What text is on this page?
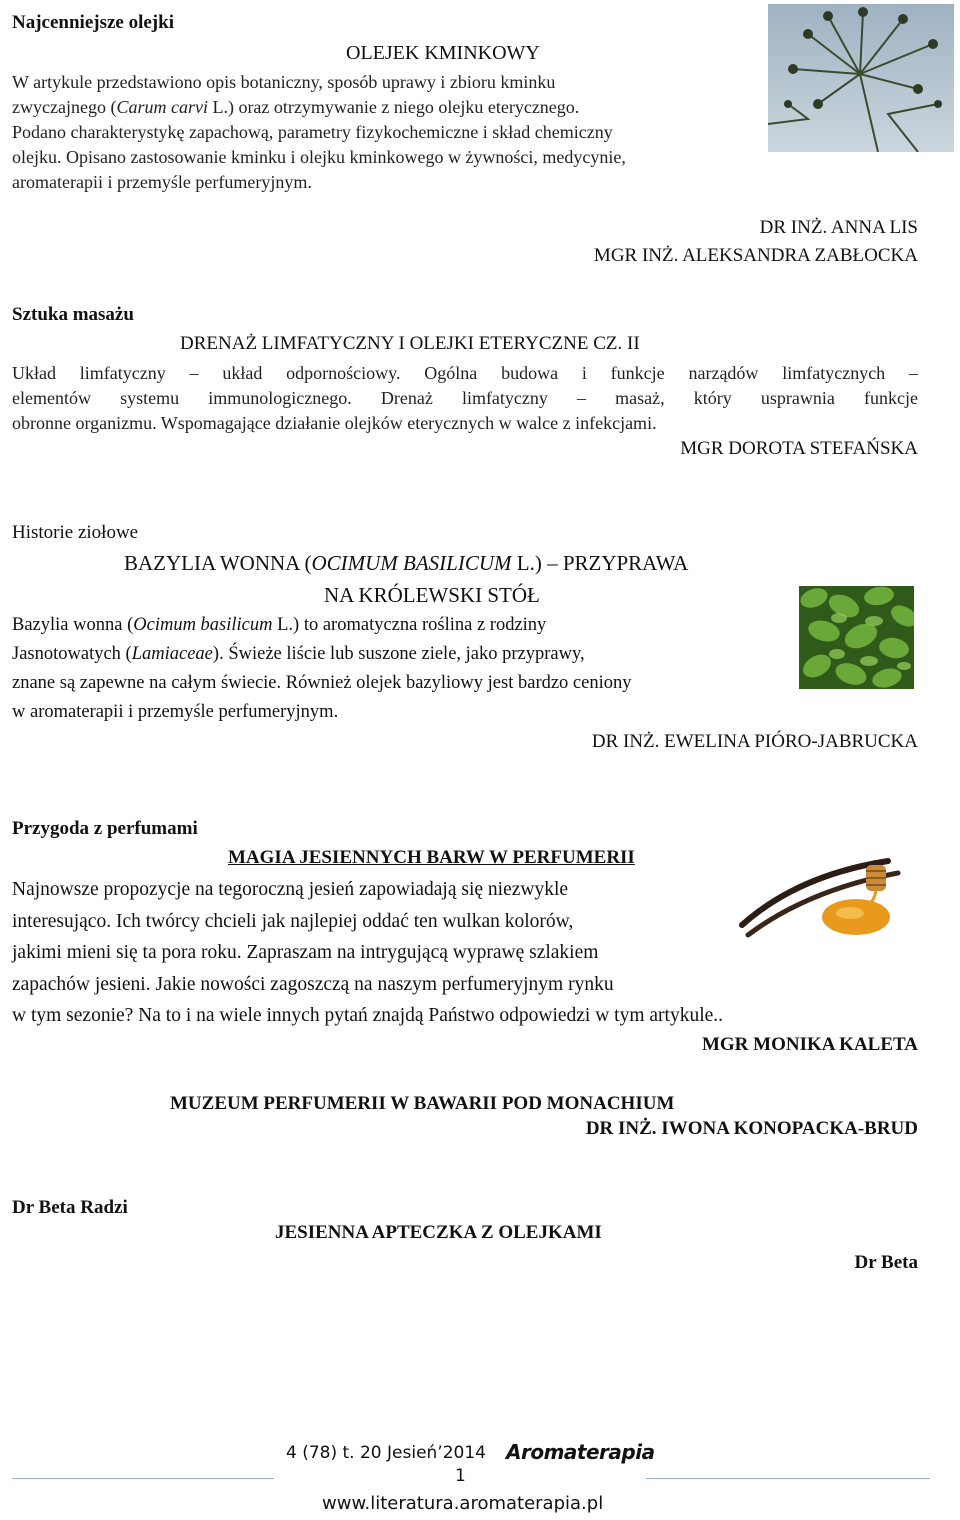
Najcenniejsze olejki
OLEJEK KMINKOWY
W artykule przedstawiono opis botaniczny, sposób uprawy i zbioru kminku
zwyczajnego (Carum carvi L.) oraz otrzymywanie z niego olejku eterycznego.
Podano charakterystykę zapachową, parametry fizykochemiczne i skład chemiczny
olejku. Opisano zastosowanie kminku i olejku kminkowego w żywności, medycynie,
aromaterapii i przemyśle perfumeryjnym.
DR INŻ. ANNA LIS
MGR INŻ. ALEKSANDRA ZABŁOCKA
Sztuka masażu
DRENAŻ LIMFATYCZNY I OLEJKI ETERYCZNE CZ. II
Układ limfatyczny – układ odpornościowy. Ogólna budowa i funkcje narządów limfatycznych –
elementów systemu immunologicznego. Drenaż limfatyczny – masaż, który usprawnia funkcje
obronne organizmu. Wspomagające działanie olejków eterycznych w walce z infekcjami.
MGR DOROTA STEFAŃSKA
Historie ziołowe
BAZYLIA WONNA (OCIMUM BASILICUM L.) – PRZYPRAWA
NA KRÓLEWSKI STÓŁ
Bazylia wonna (Ocimum basilicum L.) to aromatyczna roślina z rodziny
Jasnotowatych (Lamiaceae). Świeże liście lub suszone ziele, jako przyprawy,
znane są zapewne na całym świecie. Również olejek bazyliowy jest bardzo ceniony
w aromaterapii i przemyśle perfumeryjnym.
DR INŻ. EWELINA PIÓRO-JABRUCKA
Przygoda z perfumami
MAGIA JESIENNYCH BARW W PERFUMERII
Najnowsze propozycje na tegoroczną jesień zapowiadają się niezwykle
interesująco. Ich twórcy chcieli jak najlepiej oddać ten wulkan kolorów,
jakimi mieni się ta pora roku. Zapraszam na intrygującą wyprawę szlakiem
zapachów jesieni. Jakie nowości zagoszczą na naszym perfumeryjnym rynku
w tym sezonie? Na to i na wiele innych pytań znajdą Państwo odpowiedzi w tym artykule..
MGR MONIKA KALETA
MUZEUM PERFUMERII W BAWARII POD MONACHIUM
DR INŻ. IWONA KONOPACKA-BRUD
Dr Beta Radzi
JESIENNA APTECZKA Z OLEJKAMI
Dr Beta
4 (78) t. 20 Jesień’2014 Aromaterapia
1
www.literatura.aromaterapia.pl
